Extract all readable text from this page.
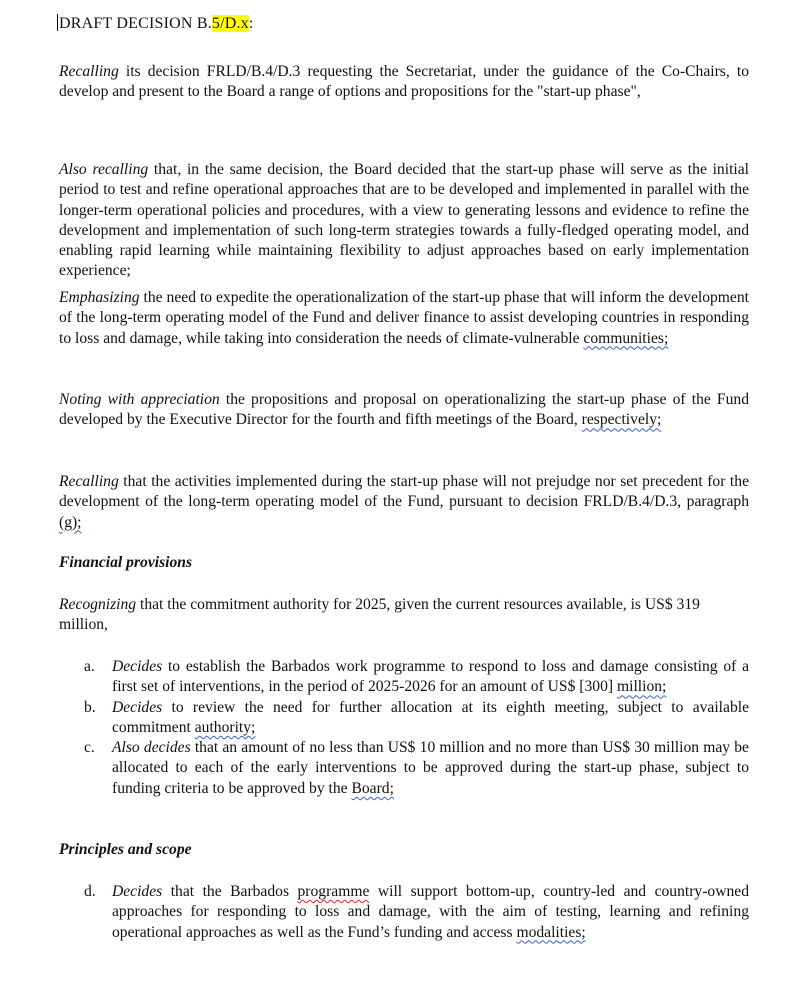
DRAFT DECISION B.5/D.x:

Recalling its decision FRLD/B.4/D.3 requesting the Secretariat, under the guidance of the Co-Chairs, to develop and present to the Board a range of options and propositions for the "start-up phase",

Also recalling that, in the same decision, the Board decided that the start-up phase will serve as the initial period to test and refine operational approaches that are to be developed and implemented in parallel with the longer-term operational policies and procedures, with a view to generating lessons and evidence to refine the development and implementation of such long-term strategies towards a fully-fledged operating model, and enabling rapid learning while maintaining flexibility to adjust approaches based on early implementation experience;

Emphasizing the need to expedite the operationalization of the start-up phase that will inform the development of the long-term operating model of the Fund and deliver finance to assist developing countries in responding to loss and damage, while taking into consideration the needs of climate-vulnerable communities;

Noting with appreciation the propositions and proposal on operationalizing the start-up phase of the Fund developed by the Executive Director for the fourth and fifth meetings of the Board, respectively;

Recalling that the activities implemented during the start-up phase will not prejudge nor set precedent for the development of the long-term operating model of the Fund, pursuant to decision FRLD/B.4/D.3, paragraph (g);

Financial provisions

Recognizing that the commitment authority for 2025, given the current resources available, is US$ 319 million,

a.	Decides to establish the Barbados work programme to respond to loss and damage consisting of a first set of interventions, in the period of 2025-2026 for an amount of US$ [300] million;
b.	Decides to review the need for further allocation at its eighth meeting, subject to available commitment authority;
c.	Also decides that an amount of no less than US$ 10 million and no more than US$ 30 million may be allocated to each of the early interventions to be approved during the start-up phase, subject to funding criteria to be approved by the Board;
Principles and scope
d.	Decides that the Barbados programme will support bottom-up, country-led and country-owned approaches for responding to loss and damage, with the aim of testing, learning and refining operational approaches as well as the Fund’s funding and access modalities;
